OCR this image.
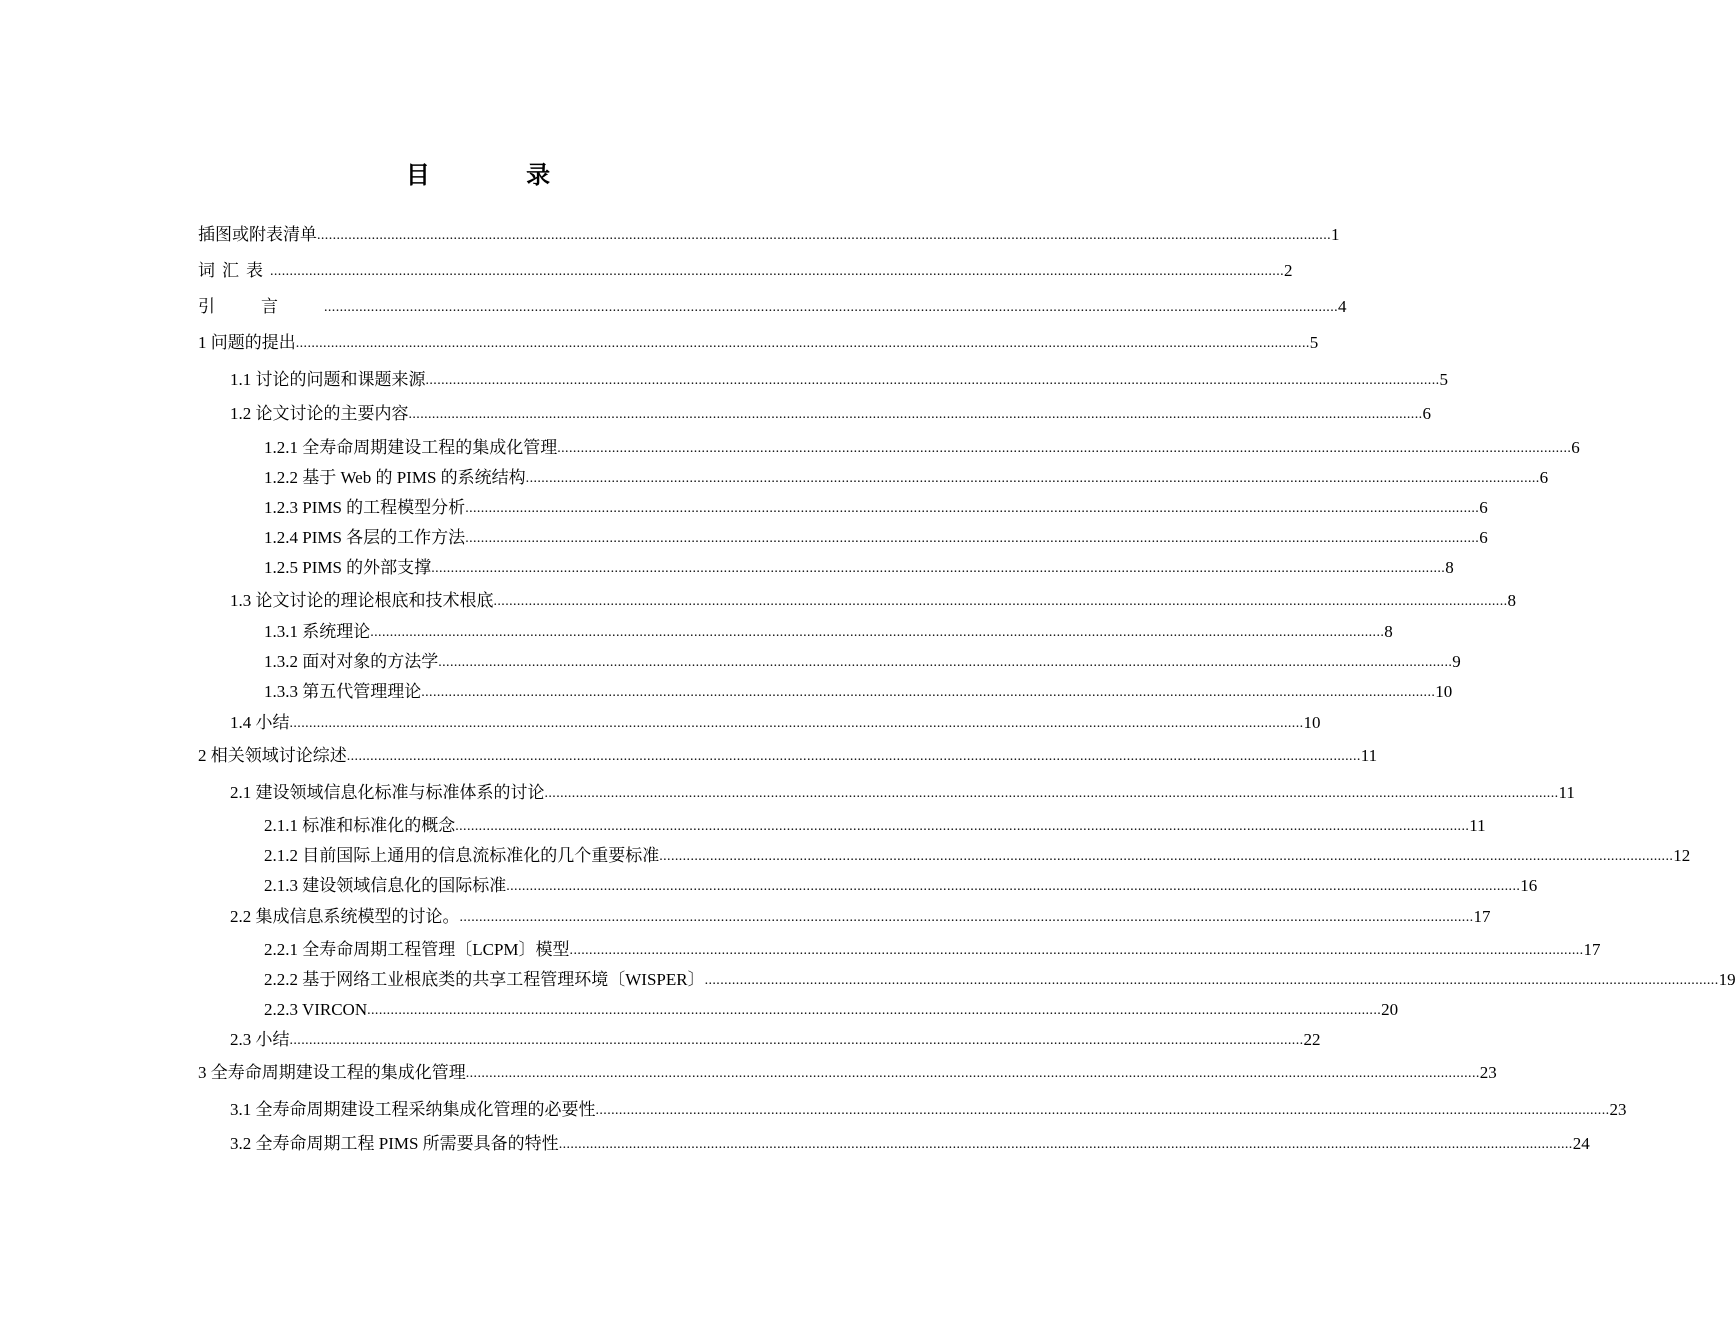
目 录
插图或附表清单 .................................................................................................................................................................................................................................................................... 1
词汇表 .................................................................................................................................................................................................................................................................... 2
引言 .................................................................................................................................................................................................................................................................... 4
1 问题的提出 .................................................................................................................................................................................................................................................................... 5
1.1 讨论的问题和课题来源 .................................................................................................................................................................................................................................................................... 5
1.2 论文讨论的主要内容 .................................................................................................................................................................................................................................................................... 6
1.2.1 全寿命周期建设工程的集成化管理 .................................................................................................................................................................................................................................................................... 6
1.2.2 基于 Web 的 PIMS 的系统结构 .................................................................................................................................................................................................................................................................... 6
1.2.3 PIMS 的工程模型分析 .................................................................................................................................................................................................................................................................... 6
1.2.4 PIMS 各层的工作方法 .................................................................................................................................................................................................................................................................... 6
1.2.5 PIMS 的外部支撑 .................................................................................................................................................................................................................................................................... 8
1.3 论文讨论的理论根底和技术根底 .................................................................................................................................................................................................................................................................... 8
1.3.1 系统理论 .................................................................................................................................................................................................................................................................... 8
1.3.2 面对对象的方法学 .................................................................................................................................................................................................................................................................... 9
1.3.3 第五代管理理论 .................................................................................................................................................................................................................................................................... 10
1.4 小结 .................................................................................................................................................................................................................................................................... 10
2 相关领域讨论综述 .................................................................................................................................................................................................................................................................... 11
2.1 建设领域信息化标准与标准体系的讨论 .................................................................................................................................................................................................................................................................... 11
2.1.1 标准和标准化的概念 .................................................................................................................................................................................................................................................................... 11
2.1.2 目前国际上通用的信息流标准化的几个重要标准 .................................................................................................................................................................................................................................................................... 12
2.1.3 建设领域信息化的国际标准 .................................................................................................................................................................................................................................................................... 16
2.2 集成信息系统模型的讨论。 .................................................................................................................................................................................................................................................................... 17
2.2.1 全寿命周期工程管理〔LCPM〕模型 .................................................................................................................................................................................................................................................................... 17
2.2.2 基于网络工业根底类的共享工程管理环境〔WISPER〕 .................................................................................................................................................................................................................................................................... 19
2.2.3 VIRCON .................................................................................................................................................................................................................................................................... 20
2.3 小结 .................................................................................................................................................................................................................................................................... 22
3 全寿命周期建设工程的集成化管理 .................................................................................................................................................................................................................................................................... 23
3.1 全寿命周期建设工程采纳集成化管理的必要性 .................................................................................................................................................................................................................................................................... 23
3.2 全寿命周期工程 PIMS 所需要具备的特性 .................................................................................................................................................................................................................................................................... 24
